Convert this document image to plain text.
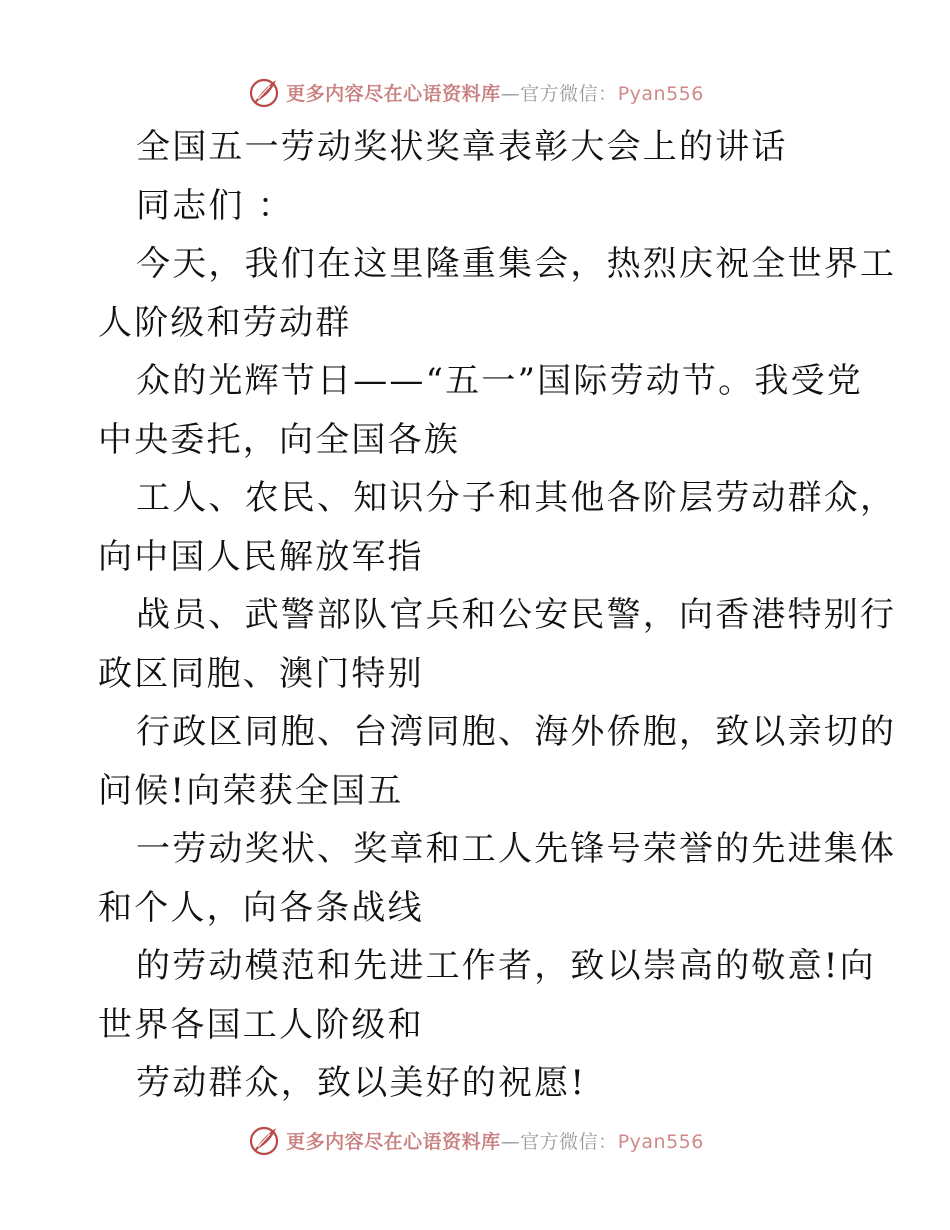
更多内容尽在心语资料库—官方微信：Pyan556
全国五一劳动奖状奖章表彰大会上的讲话
同志们 ：
今天，我们在这里隆重集会，热烈庆祝全世界工
人阶级和劳动群
众的光辉节日——“五一”国际劳动节。我受党
中央委托，向全国各族
工人、农民、知识分子和其他各阶层劳动群众，
向中国人民解放军指
战员、武警部队官兵和公安民警，向香港特别行
政区同胞、澳门特别
行政区同胞、台湾同胞、海外侨胞，致以亲切的
问候!向荣获全国五
一劳动奖状、奖章和工人先锋号荣誉的先进集体
和个人，向各条战线
的劳动模范和先进工作者，致以崇高的敬意!向
世界各国工人阶级和
劳动群众，致以美好的祝愿!
更多内容尽在心语资料库—官方微信：Pyan556
